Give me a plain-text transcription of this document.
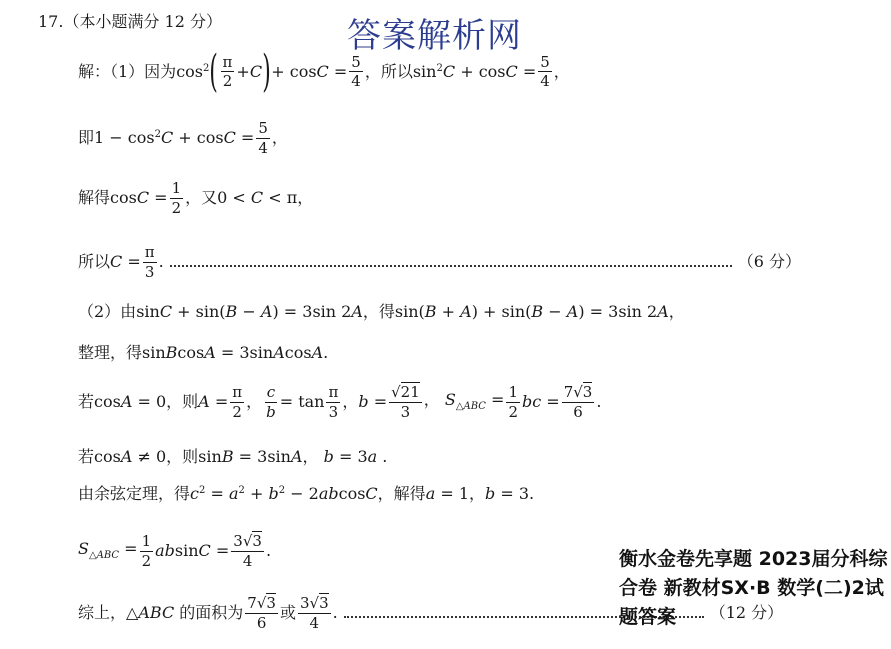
17.（本小题满分 12 分）	答案解析网
解：（1）因为 $\cos^2$ ( $\frac{\pi}{2} +C$ ) + $\cos C = \frac{5}{4}$ ，所以 $\sin^2C + \cos C = \frac{5}{4}$ ，
即 $1 - \cos^2C + \cos C = \frac{5}{4}$ ，
解得 $\cos C = \frac{1}{2}$ ，又 0 < C < π ，
所以 $C = \frac{\pi}{3}$ .	（6 分）
（2）由 sinC + sin(B − A) = 3sin 2A ，得 sin(B + A) + sin(B − A) = 3sin 2A ，
整理，得 sinBcosA = 3sinAcosA .
若 cosA = 0 ，则 $A = \frac{\pi}{2}$ ， $\frac{c}{b} = \tan \frac{\pi}{3}$ ，$b = \frac{√21}{3}$ ， $S_{\triangle ABC} = \frac{1}{2}$ bc = $\frac{7√3}{6}$ .
若 cosA ≠ 0 ，则 sinB = 3sinA， b = 3a
.
由余弦定理，得 $c^2 = a^2 + b^2 - 2abcosC$ ，解得 a = 1，b = 3.
$S_{\triangle ABC} = \frac{1}{2}$ $absinC = \frac{3√3}{4}$ .
综上， △ABC 的面积为 $\frac{7√3}{6}$ 或 $\frac{3√3}{4}$ .	（12 分）
衡水金卷先享题 2023届分科综合卷 新教材SX·B 数学(二)2试题答案
